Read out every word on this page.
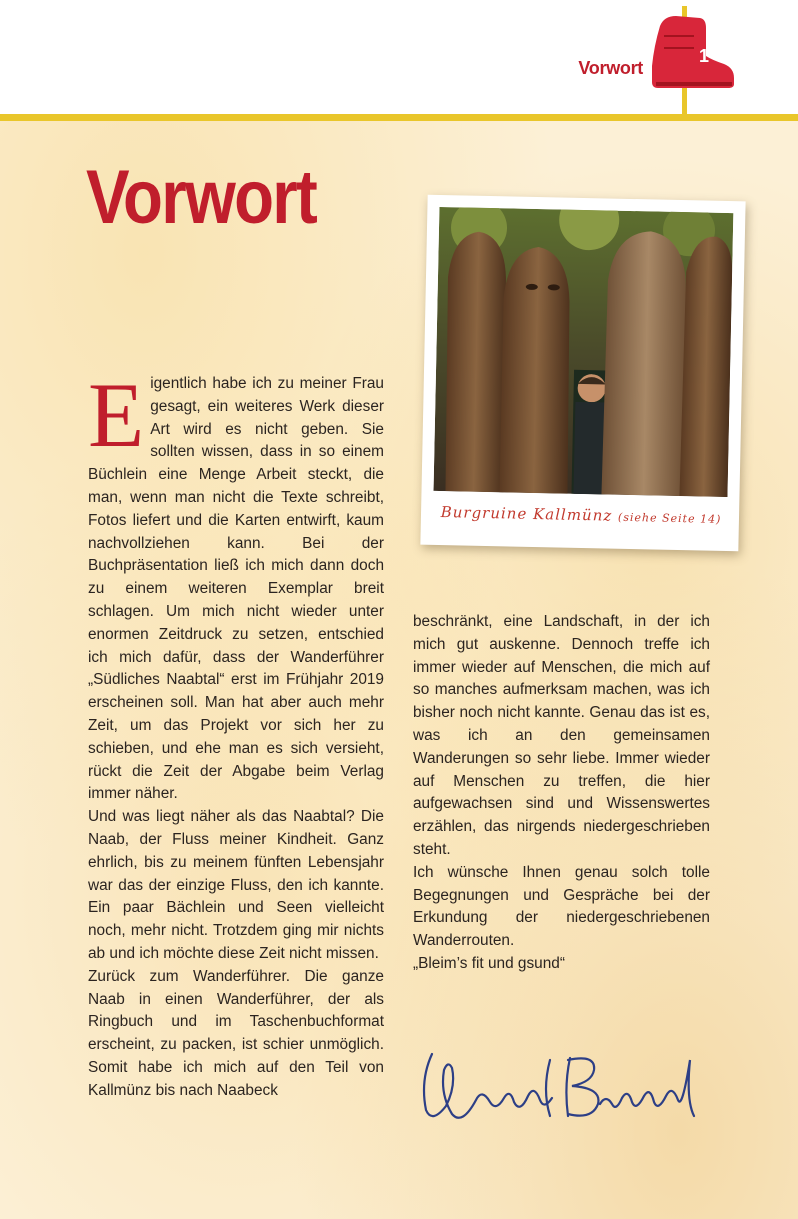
Vorwort
1
Vorwort
Burgruine Kallmünz (siehe Seite 14)
E igentlich habe ich zu meiner Frau gesagt, ein weiteres Werk dieser Art wird es nicht geben. Sie sollten wissen, dass in so einem Büchlein eine Menge Arbeit steckt, die man, wenn man nicht die Texte schreibt, Fotos liefert und die Karten entwirft, kaum nachvollziehen kann. Bei der Buchpräsentation ließ ich mich dann doch zu einem weiteren Exemplar breit schlagen. Um mich nicht wieder unter enormen Zeitdruck zu setzen, entschied ich mich dafür, dass der Wanderführer „Südliches Naabtal“ erst im Frühjahr 2019 erscheinen soll. Man hat aber auch mehr Zeit, um das Projekt vor sich her zu schieben, und ehe man es sich versieht, rückt die Zeit der Abgabe beim Verlag immer näher.

Und was liegt näher als das Naabtal? Die Naab, der Fluss meiner Kindheit. Ganz ehrlich, bis zu meinem fünften Lebensjahr war das der einzige Fluss, den ich kannte. Ein paar Bächlein und Seen vielleicht noch, mehr nicht. Trotzdem ging mir nichts ab und ich möchte diese Zeit nicht missen.

Zurück zum Wanderführer. Die ganze Naab in einen Wanderführer, der als Ringbuch und im Taschenbuchformat erscheint, zu packen, ist schier unmöglich. Somit habe ich mich auf den Teil von Kallmünz bis nach Naabeck

beschränkt, eine Landschaft, in der ich mich gut auskenne. Dennoch treffe ich immer wieder auf Menschen, die mich auf so manches aufmerksam machen, was ich bisher noch nicht kannte. Genau das ist es, was ich an den gemeinsamen Wanderungen so sehr liebe. Immer wieder auf Menschen zu treffen, die hier aufgewachsen sind und Wissenswertes erzählen, das nirgends niedergeschrieben steht.

Ich wünsche Ihnen genau solch tolle Begegnungen und Gespräche bei der Erkundung der niedergeschriebenen Wanderrouten.

„Bleim’s fit und gsund“
